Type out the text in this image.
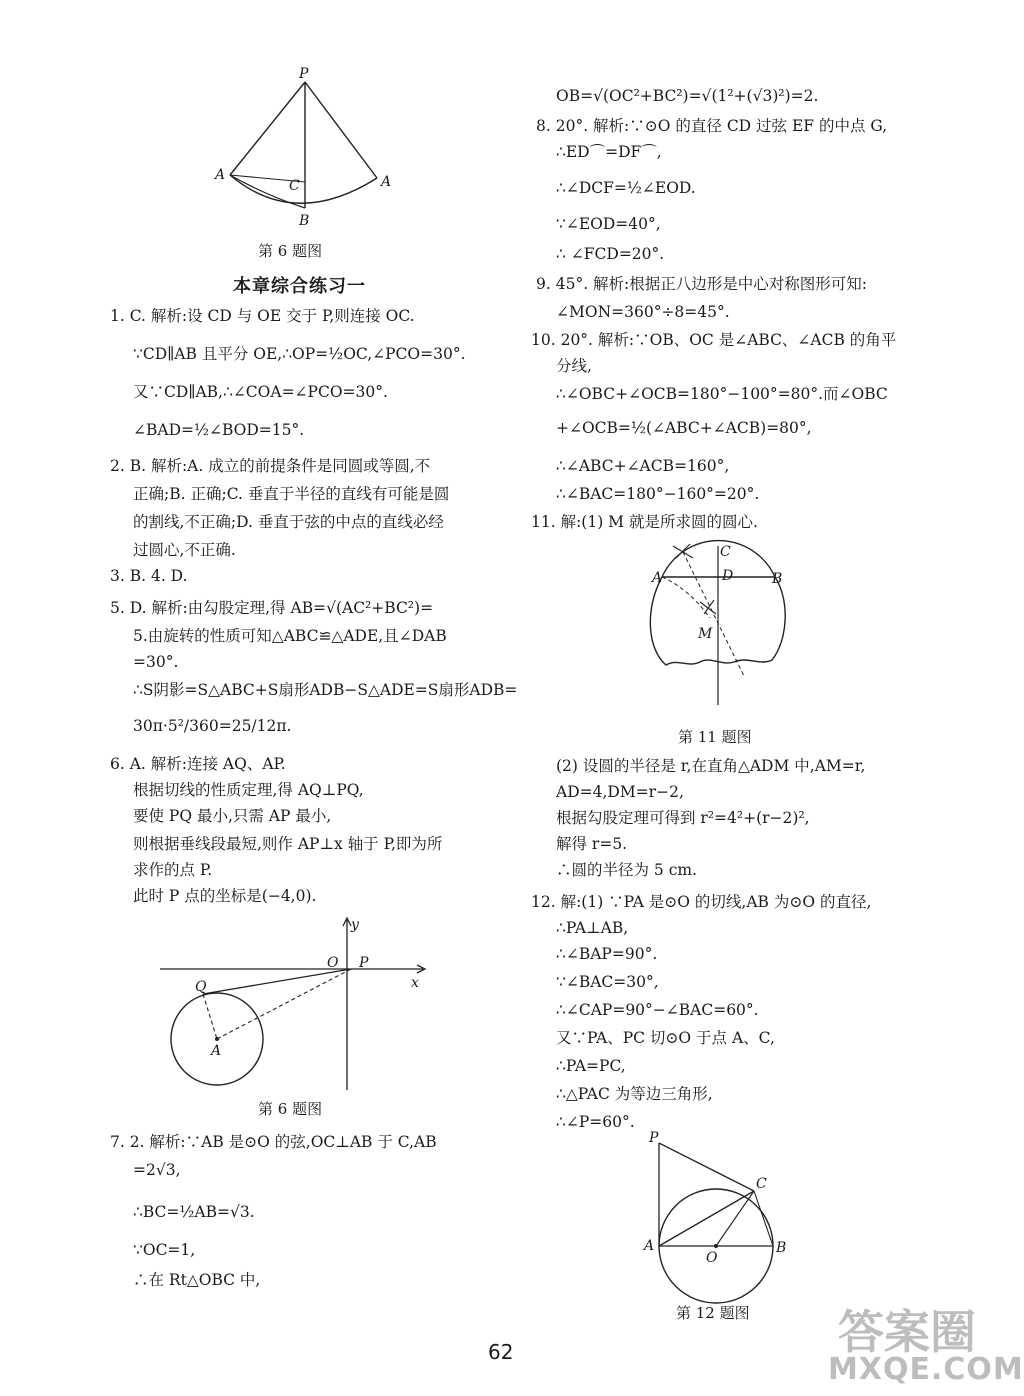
P
A
C	A
B
第 6 题图
本章综合练习一
1. C. 解析:设 CD 与 OE 交于 P,则连接 OC.
∵CD∥AB 且平分 OE,∴OP=½OC,∠PCO=30°.
又∵CD∥AB,∴∠COA=∠PCO=30°.
∠BAD=½∠BOD=15°.
2. B. 解析:A. 成立的前提条件是同圆或等圆,不
正确;B. 正确;C. 垂直于半径的直线有可能是圆
的割线,不正确;D. 垂直于弦的中点的直线必经
过圆心,不正确.
3. B. 4. D.
5. D. 解析:由勾股定理,得 AB=√(AC²+BC²)=
5.由旋转的性质可知△ABC≌△ADE,且∠DAB
=30°.
∴S阴影=S△ABC+S扇形ADB−S△ADE=S扇形ADB=
30π·5²/360=25/12π.
6. A. 解析:连接 AQ、AP.
根据切线的性质定理,得 AQ⊥PQ,
要使 PQ 最小,只需 AP 最小,
则根据垂线段最短,则作 AP⊥x 轴于 P,即为所
求作的点 P.
此时 P 点的坐标是(−4,0).
y
O P
x
Q
A
第 6 题图
7. 2. 解析:∵AB 是⊙O 的弦,OC⊥AB 于 C,AB
=2√3,
∴BC=½AB=√3.
∵OC=1,
∴在 Rt△OBC 中,
OB=√(OC²+BC²)=√(1²+(√3)²)=2.
8. 20°. 解析:∵⊙O 的直径 CD 过弦 EF 的中点 G,
∴ED⌒=DF⌒,
∴∠DCF=½∠EOD.
∵∠EOD=40°,
∴ ∠FCD=20°.
9. 45°. 解析:根据正八边形是中心对称图形可知:
∠MON=360°÷8=45°.
10. 20°. 解析:∵OB、OC 是∠ABC、∠ACB 的角平
分线,
∴∠OBC+∠OCB=180°−100°=80°.而∠OBC
+∠OCB=½(∠ABC+∠ACB)=80°,
∴∠ABC+∠ACB=160°,
∴∠BAC=180°−160°=20°.
11. 解:(1) M 就是所求圆的圆心.
C
A	D	B
M
第 11 题图
(2) 设圆的半径是 r,在直角△ADM 中,AM=r,
AD=4,DM=r−2,
根据勾股定理可得到 r²=4²+(r−2)²,
解得 r=5.
∴圆的半径为 5 cm.
12. 解:(1) ∵PA 是⊙O 的切线,AB 为⊙O 的直径,
∴PA⊥AB,
∴∠BAP=90°.
∵∠BAC=30°,
∴∠CAP=90°−∠BAC=60°.
又∵PA、PC 切⊙O 于点 A、C,
∴PA=PC,
∴△PAC 为等边三角形,
∴∠P=60°.
P
C
A
O
B
第 12 题图
62	答案圈
MXQE.COM
